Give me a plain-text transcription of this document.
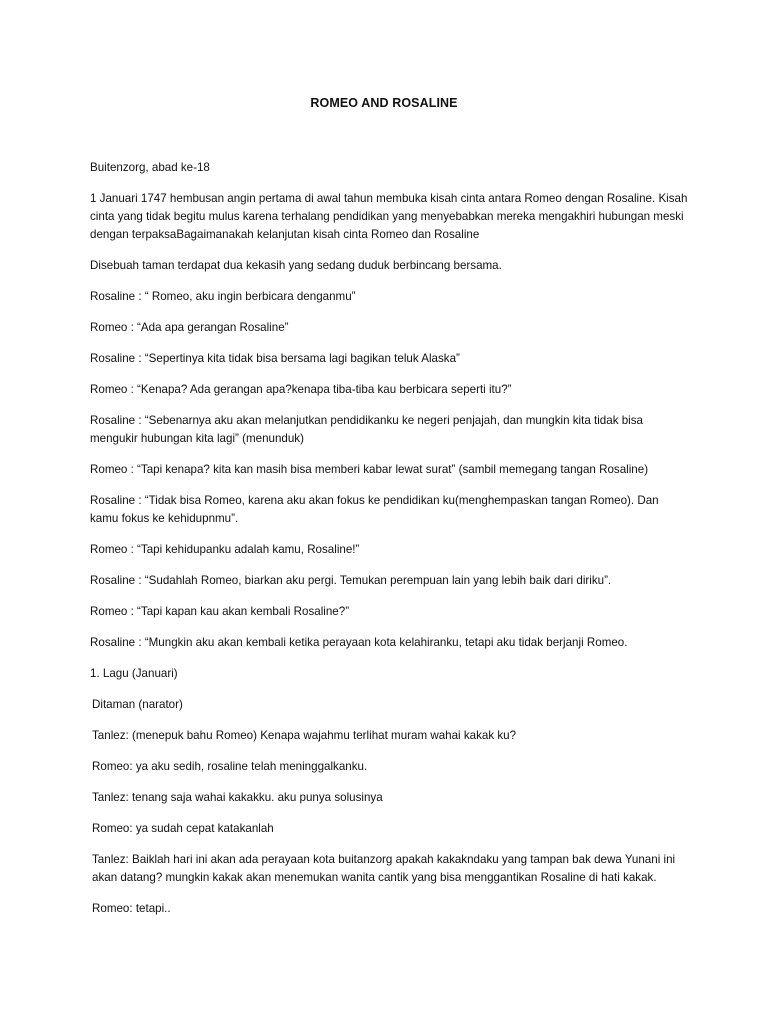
ROMEO AND ROSALINE

Buitenzorg, abad ke-18

1 Januari 1747 hembusan angin pertama di awal tahun membuka kisah cinta antara Romeo dengan Rosaline. Kisah cinta yang tidak begitu mulus karena terhalang pendidikan yang menyebabkan mereka mengakhiri hubungan meski dengan terpaksaBagaimanakah kelanjutan kisah cinta Romeo dan Rosaline

Disebuah taman terdapat dua kekasih yang sedang duduk berbincang bersama.

Rosaline : “ Romeo, aku ingin berbicara denganmu”

Romeo : “Ada apa gerangan Rosaline”

Rosaline : “Sepertinya kita tidak bisa bersama lagi bagikan teluk Alaska”

Romeo : “Kenapa? Ada gerangan apa?kenapa tiba-tiba kau berbicara seperti itu?”

Rosaline : “Sebenarnya aku akan melanjutkan pendidikanku ke negeri penjajah, dan mungkin kita tidak bisa mengukir hubungan kita lagi” (menunduk)

Romeo : “Tapi kenapa? kita kan masih bisa memberi kabar lewat surat” (sambil memegang tangan Rosaline)

Rosaline : “Tidak bisa Romeo, karena aku akan fokus ke pendidikan ku(menghempaskan tangan Romeo). Dan kamu fokus ke kehidupnmu”.

Romeo : “Tapi kehidupanku adalah kamu, Rosaline!”

Rosaline : “Sudahlah Romeo, biarkan aku pergi. Temukan perempuan lain yang lebih baik dari diriku”.

Romeo : “Tapi kapan kau akan kembali Rosaline?”

Rosaline : “Mungkin aku akan kembali ketika perayaan kota kelahiranku, tetapi aku tidak berjanji Romeo.

1. Lagu (Januari)

Ditaman (narator)

Tanlez: (menepuk bahu Romeo) Kenapa wajahmu terlihat muram wahai kakak ku?

Romeo: ya aku sedih, rosaline telah meninggalkanku.

Tanlez: tenang saja wahai kakakku. aku punya solusinya

Romeo: ya sudah cepat katakanlah

Tanlez: Baiklah hari ini akan ada perayaan kota buitanzorg apakah kakakndaku yang tampan bak dewa Yunani ini akan datang? mungkin kakak akan menemukan wanita cantik yang bisa menggantikan Rosaline di hati kakak.

Romeo: tetapi..
